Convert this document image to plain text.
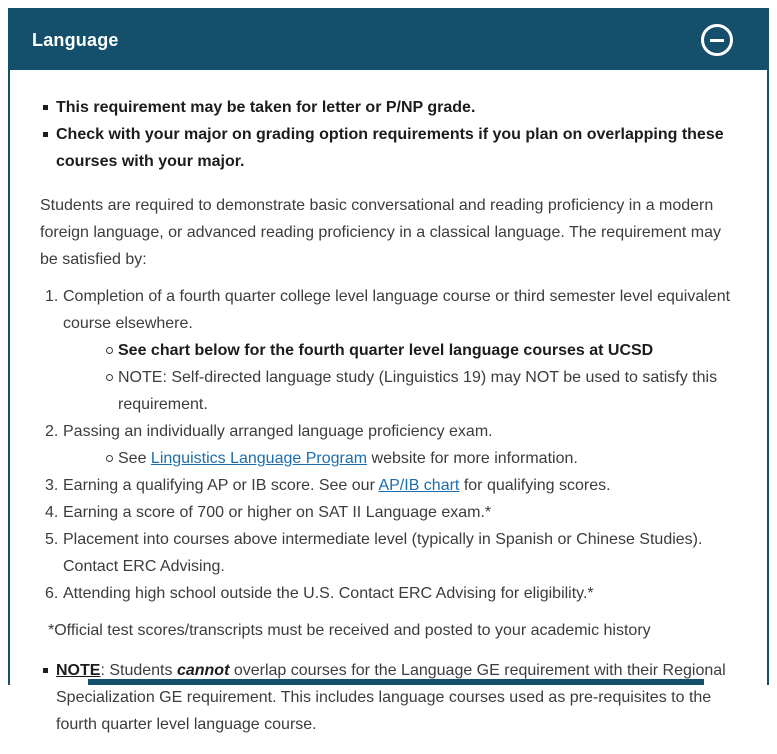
Language
This requirement may be taken for letter or P/NP grade.
Check with your major on grading option requirements if you plan on overlapping these courses with your major.

Students are required to demonstrate basic conversational and reading proficiency in a modern foreign language, or advanced reading proficiency in a classical language. The requirement may be satisfied by:

1. Completion of a fourth quarter college level language course or third semester level equivalent course elsewhere.
See chart below for the fourth quarter level language courses at UCSD
NOTE: Self-directed language study (Linguistics 19) may NOT be used to satisfy this requirement.
2. Passing an individually arranged language proficiency exam.
See Linguistics Language Program website for more information.
3. Earning a qualifying AP or IB score. See our AP/IB chart for qualifying scores.
4. Earning a score of 700 or higher on SAT II Language exam.*
5. Placement into courses above intermediate level (typically in Spanish or Chinese Studies). Contact ERC Advising.
6. Attending high school outside the U.S. Contact ERC Advising for eligibility.*

*Official test scores/transcripts must be received and posted to your academic history

NOTE: Students cannot overlap courses for the Language GE requirement with their Regional Specialization GE requirement. This includes language courses used as pre-requisites to the fourth quarter level language course.
